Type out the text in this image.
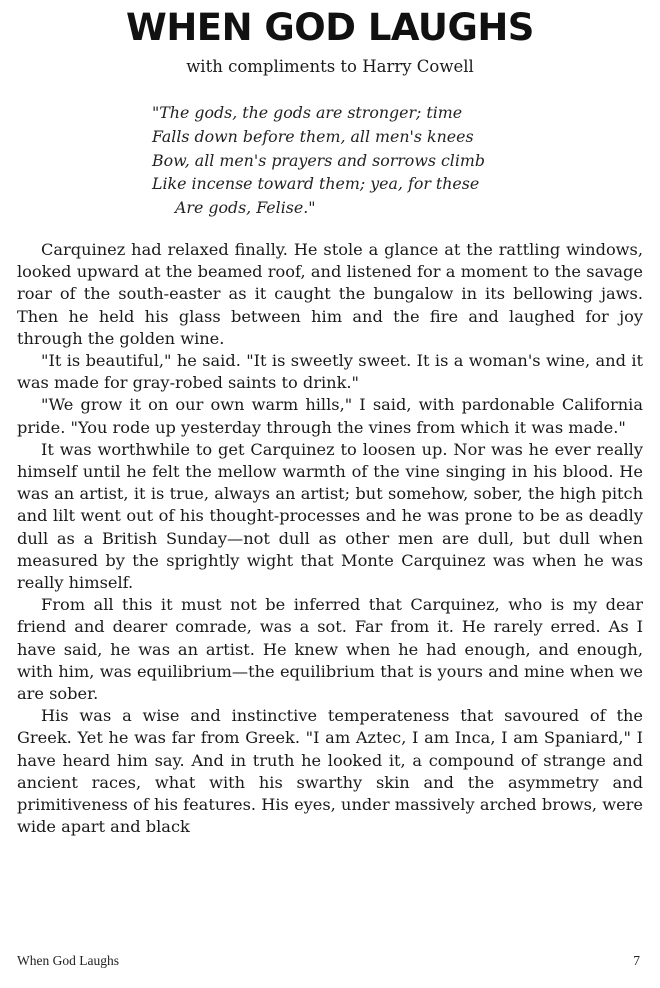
WHEN GOD LAUGHS

with compliments to Harry Cowell

"The gods, the gods are stronger; time
Falls down before them, all men's knees
Bow, all men's prayers and sorrows climb
Like incense toward them; yea, for these
Are gods, Felise."

Carquinez had relaxed finally. He stole a glance at the rattling windows, looked upward at the beamed roof, and listened for a moment to the savage roar of the south-easter as it caught the bungalow in its bellowing jaws. Then he held his glass between him and the fire and laughed for joy through the golden wine.

"It is beautiful," he said. "It is sweetly sweet. It is a woman's wine, and it was made for gray-robed saints to drink."

"We grow it on our own warm hills," I said, with pardonable California pride. "You rode up yesterday through the vines from which it was made."

It was worthwhile to get Carquinez to loosen up. Nor was he ever really himself until he felt the mellow warmth of the vine singing in his blood. He was an artist, it is true, always an artist; but somehow, sober, the high pitch and lilt went out of his thought-processes and he was prone to be as deadly dull as a British Sunday—not dull as other men are dull, but dull when measured by the sprightly wight that Monte Carquinez was when he was really himself.

From all this it must not be inferred that Carquinez, who is my dear friend and dearer comrade, was a sot. Far from it. He rarely erred. As I have said, he was an artist. He knew when he had enough, and enough, with him, was equilibrium—the equilibrium that is yours and mine when we are sober.

His was a wise and instinctive temperateness that savoured of the Greek. Yet he was far from Greek. "I am Aztec, I am Inca, I am Spaniard," I have heard him say. And in truth he looked it, a compound of strange and ancient races, what with his swarthy skin and the asymmetry and primitiveness of his features. His eyes, under massively arched brows, were wide apart and black

When God Laughs	7
